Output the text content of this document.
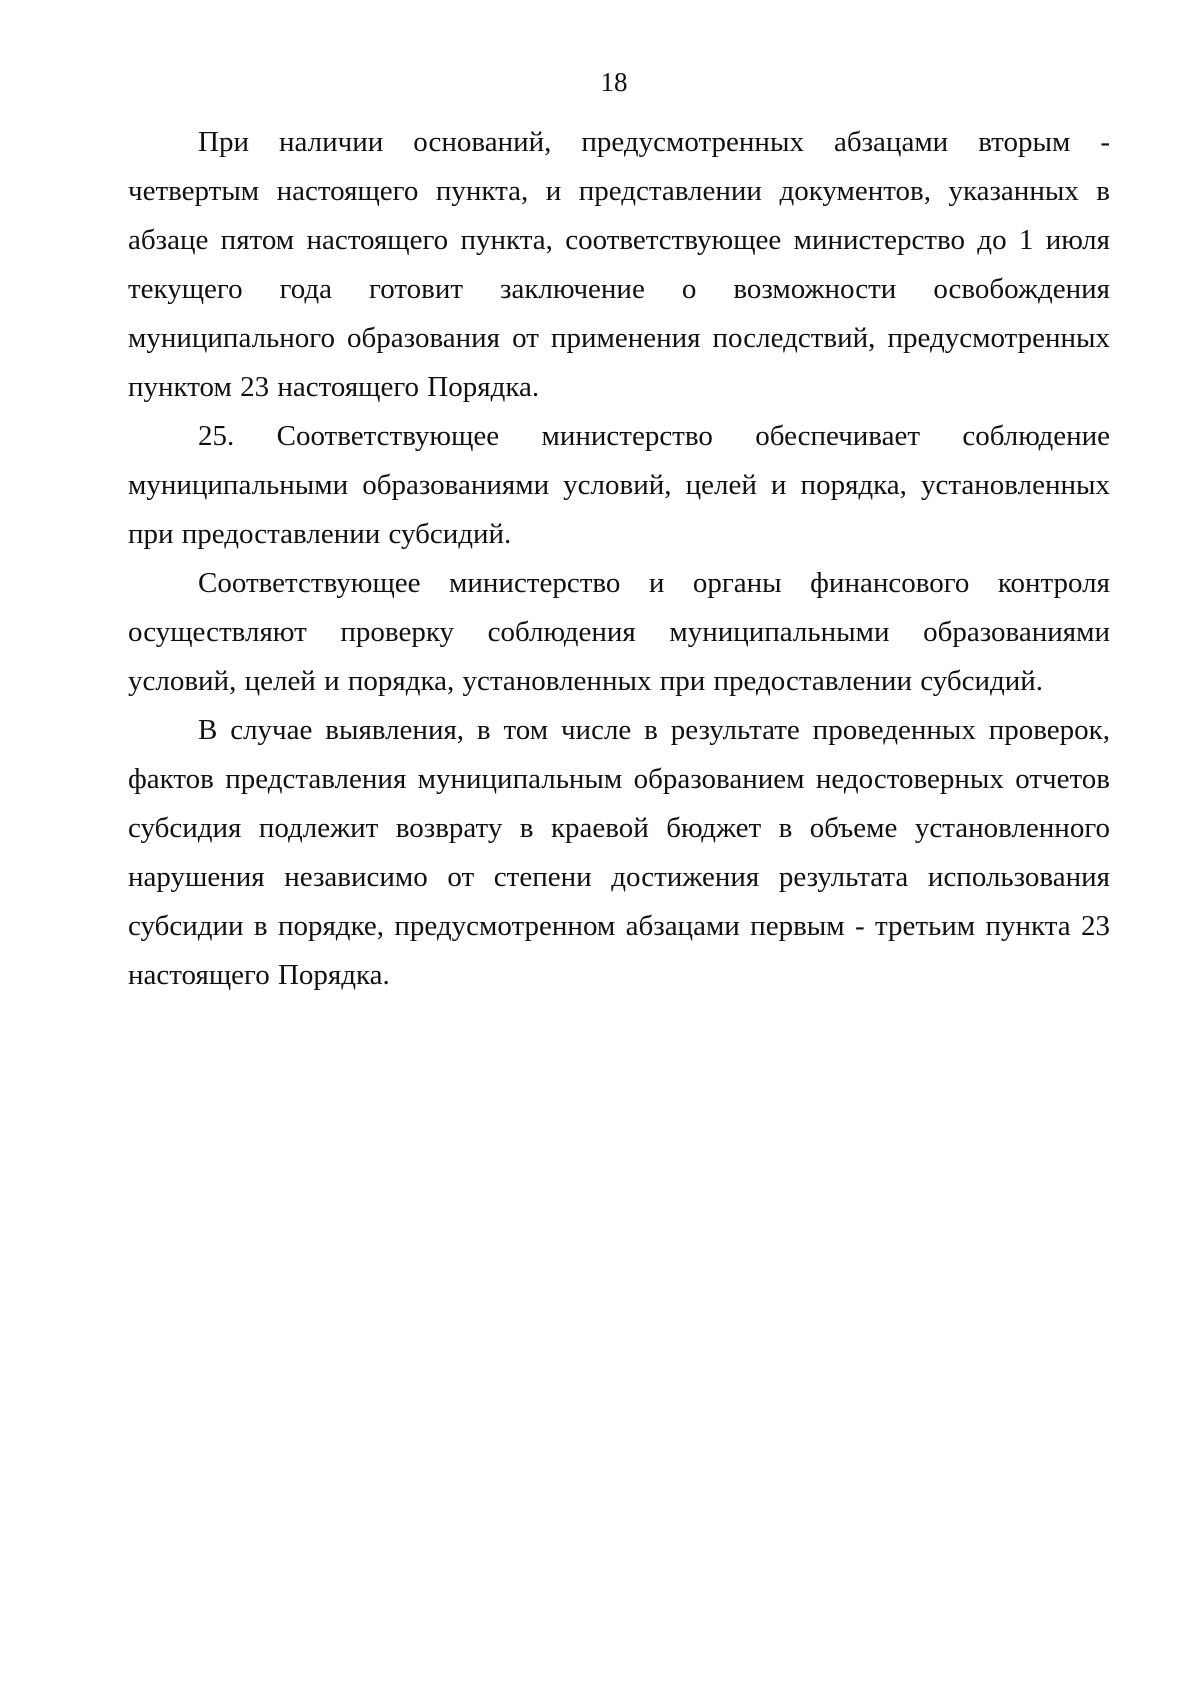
18

При наличии оснований, предусмотренных абзацами вторым - четвертым настоящего пункта, и представлении документов, указанных в абзаце пятом настоящего пункта, соответствующее министерство до 1 июля текущего года готовит заключение о возможности освобождения муниципального образования от применения последствий, предусмотренных пунктом 23 настоящего Порядка.

25. Соответствующее министерство обеспечивает соблюдение муниципальными образованиями условий, целей и порядка, установленных при предоставлении субсидий.

Соответствующее министерство и органы финансового контроля осуществляют проверку соблюдения муниципальными образованиями условий, целей и порядка, установленных при предоставлении субсидий.

В случае выявления, в том числе в результате проведенных проверок, фактов представления муниципальным образованием недостоверных отчетов субсидия подлежит возврату в краевой бюджет в объеме установленного нарушения независимо от степени достижения результата использования субсидии в порядке, предусмотренном абзацами первым - третьим пункта 23 настоящего Порядка.
